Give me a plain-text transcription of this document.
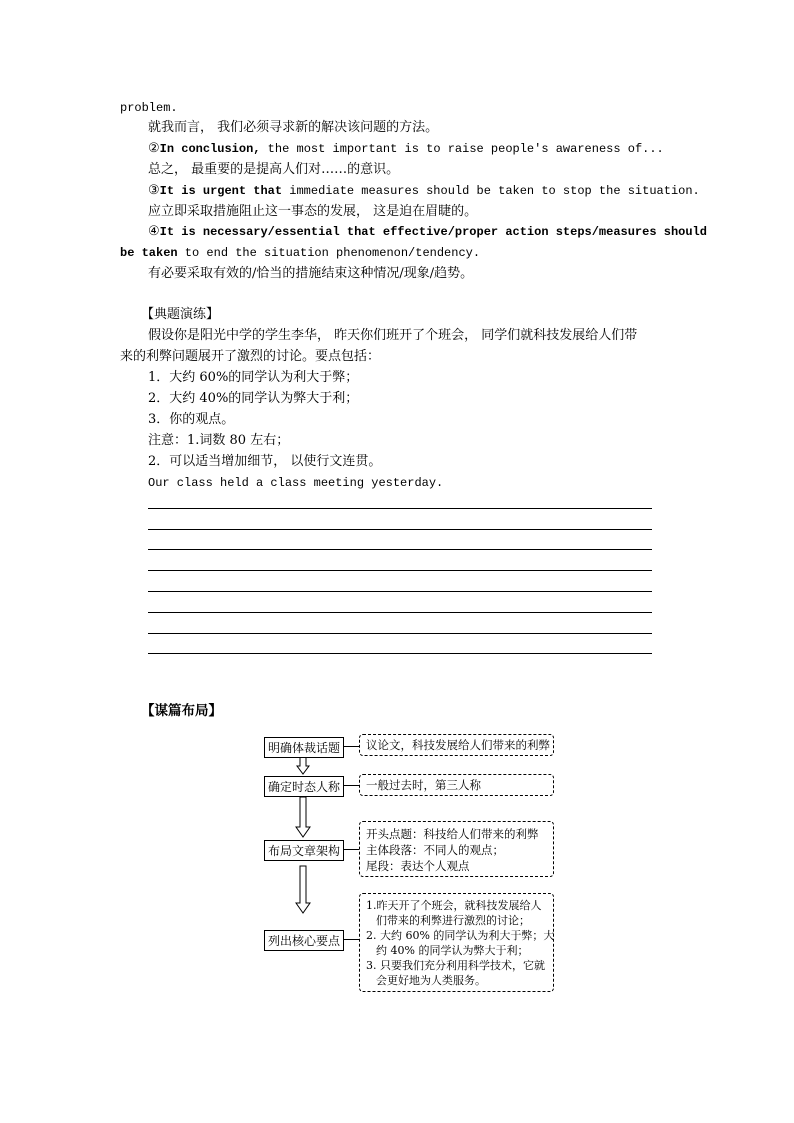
problem.
就我而言， 我们必须寻求新的解决该问题的方法。
②In conclusion, the most important is to raise people's awareness of...
总之， 最重要的是提高人们对……的意识。
③It is urgent that immediate measures should be taken to stop the situation.
应立即采取措施阻止这一事态的发展， 这是迫在眉睫的。
④It is necessary/essential that effective/proper action steps/measures should
be taken to end the situation phenomenon/tendency.
有必要采取有效的/恰当的措施结束这种情况/现象/趋势。
【典题演练】
假设你是阳光中学的学生李华， 昨天你们班开了个班会， 同学们就科技发展给人们带
来的利弊问题展开了激烈的讨论。要点包括：
1．大约 60%的同学认为利大于弊；
2．大约 40%的同学认为弊大于利；
3．你的观点。
注意：1.词数 80 左右；
2．可以适当增加细节， 以使行文连贯。
Our class held a class meeting yesterday.
【谋篇布局】
明确体裁话题 议论文，科技发展给人们带来的利弊
确定时态人称 一般过去时，第三人称
布局文章架构
开头点题：科技给人们带来的利弊
主体段落：不同人的观点；
尾段：表达个人观点
列出核心要点
1.昨天开了个班会，就科技发展给人
们带来的利弊进行激烈的讨论；
2. 大约 60% 的同学认为利大于弊；大
约 40% 的同学认为弊大于利；
3. 只要我们充分利用科学技术，它就
会更好地为人类服务。
